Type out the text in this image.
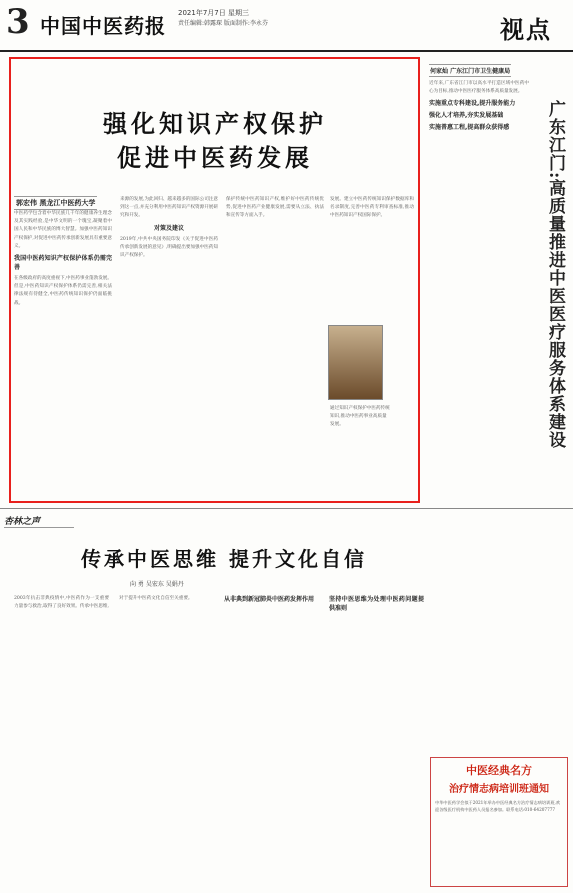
3 中国中医药报
2021年7月7日 星期三
责任编辑:韩露琛 版面制作:李永芬	视点
强化知识产权保护
促进中医药发展
郭宏伟 黑龙江中医药大学

中医药学包含着中华民族几千年的健康养生理念及其实践经验,是中华文明的一个瑰宝,凝聚着中国人民和中华民族的博大智慧。加强中医药知识产权保护,对促进中医药传承创新发展具有重要意义。

我国中医药知识产权保护体系仍需完善

在各级政府的高度重视下,中医药事业蓬勃发展。但是,中医药知识产权保护体系仍需完善,相关法律法规有待健全,中医药传统知识保护仍面临挑战。

来源的发展,为此回归、越来越多的国际公司注意到这一点,并充分利用中医药知识产权资源开展研究和开发。

对策及建议

2019年,中共中央国务院印发《关于促进中医药传承创新发展的意见》,明确提出要加强中医药知识产权保护。

保护传统中医药知识产权,维护好中医药传统优势,促进中医药产业健康发展,需要从立法、执法和宣传等方面入手。

发展。建立中医药传统知识保护数据库和名录制度,完善中医药专利审查标准,推动中医药知识产权国际保护。

通过知识产权保护中医药传统知识,推动中医药事业高质量发展。
何家灿 广东江门市卫生健康局
广东江门:高质量推进中医医疗服务体系建设

近年来,广东省江门市以高水平打造区域中医药中心为目标,推动中医医疗服务体系高质量发展。

实施重点专科建设,提升服务能力

强化人才培养,夯实发展基础

实施普惠工程,提高群众获得感

杏林之声
传承中医思维 提升文化自信
向 勇 吴宏东 吴娟丹

2003年抗击非典疫情中,中医药作为一支重要力量参与救治,取得了良好效果。传承中医思维,对于提升中医药文化自信至关重要。	从非典到新冠肺炎中医药发挥作用	坚持中医思维为处理中医药问题提供准则

中医经典名方
治疗情志病培训班通知
中华中医药学会拟于2021年举办中医经典名方治疗情志病培训班,欢迎各级医疗机构中医药人员报名参加。联系电话:010-64207777
